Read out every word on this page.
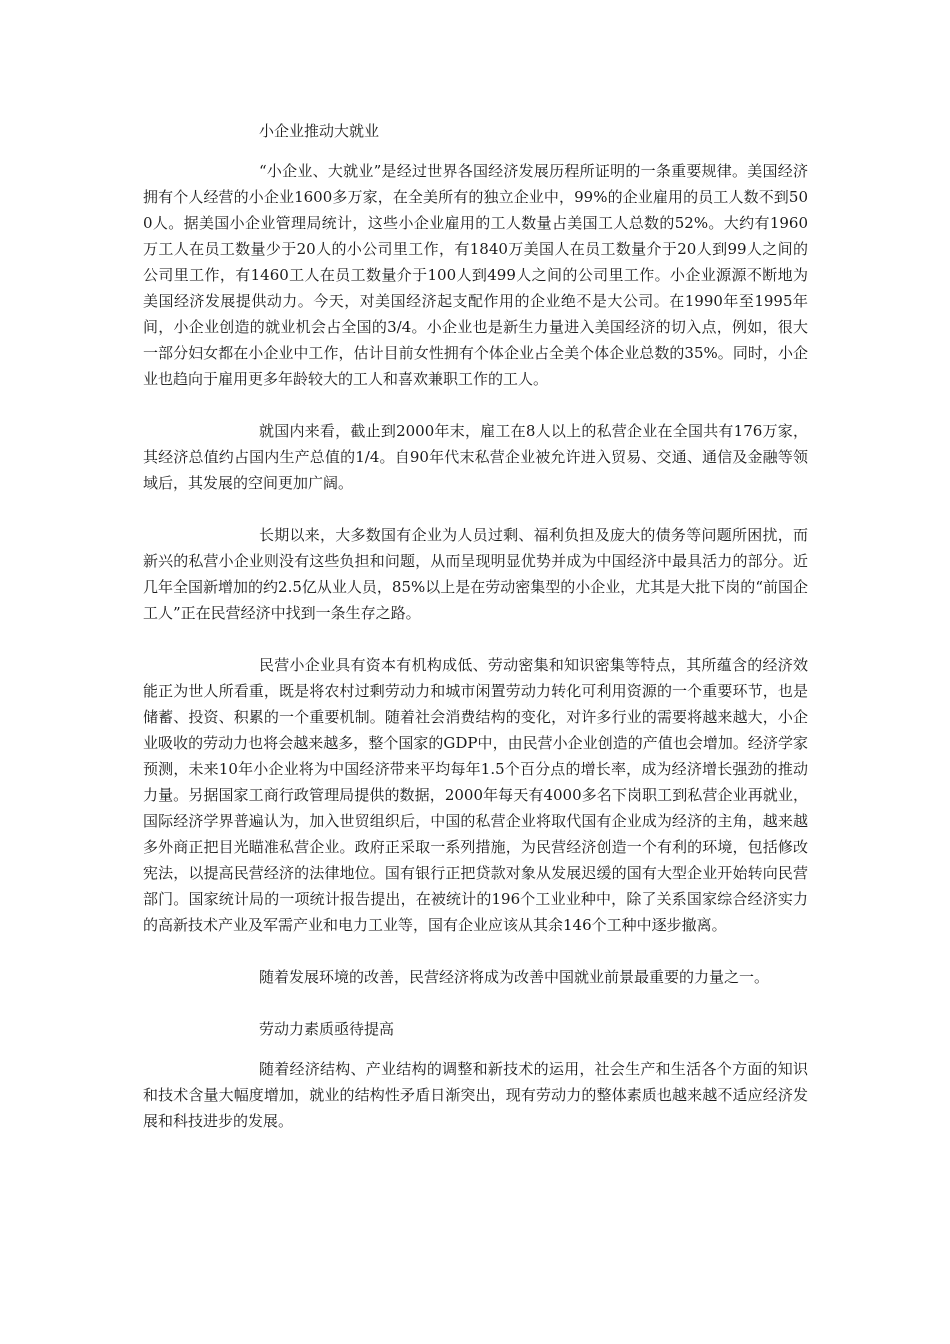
小企业推动大就业

“小企业、大就业”是经过世界各国经济发展历程所证明的一条重要规律。美国经济拥有个人经营的小企业1600多万家，在全美所有的独立企业中，99%的企业雇用的员工人数不到500人。据美国小企业管理局统计，这些小企业雇用的工人数量占美国工人总数的52%。大约有1960万工人在员工数量少于20人的小公司里工作，有1840万美国人在员工数量介于20人到99人之间的公司里工作，有1460工人在员工数量介于100人到499人之间的公司里工作。小企业源源不断地为美国经济发展提供动力。今天，对美国经济起支配作用的企业绝不是大公司。在1990年至1995年间，小企业创造的就业机会占全国的3/4。小企业也是新生力量进入美国经济的切入点，例如，很大一部分妇女都在小企业中工作，估计目前女性拥有个体企业占全美个体企业总数的35%。同时，小企业也趋向于雇用更多年龄较大的工人和喜欢兼职工作的工人。

就国内来看，截止到2000年末，雇工在8人以上的私营企业在全国共有176万家，其经济总值约占国内生产总值的1/4。自90年代末私营企业被允许进入贸易、交通、通信及金融等领域后，其发展的空间更加广阔。

长期以来，大多数国有企业为人员过剩、福利负担及庞大的债务等问题所困扰，而新兴的私营小企业则没有这些负担和问题，从而呈现明显优势并成为中国经济中最具活力的部分。近几年全国新增加的约2.5亿从业人员，85%以上是在劳动密集型的小企业，尤其是大批下岗的“前国企工人”正在民营经济中找到一条生存之路。

民营小企业具有资本有机构成低、劳动密集和知识密集等特点，其所蕴含的经济效能正为世人所看重，既是将农村过剩劳动力和城市闲置劳动力转化可利用资源的一个重要环节，也是储蓄、投资、积累的一个重要机制。随着社会消费结构的变化，对许多行业的需要将越来越大，小企业吸收的劳动力也将会越来越多，整个国家的GDP中，由民营小企业创造的产值也会增加。经济学家预测，未来10年小企业将为中国经济带来平均每年1.5个百分点的增长率，成为经济增长强劲的推动力量。另据国家工商行政管理局提供的数据，2000年每天有4000多名下岗职工到私营企业再就业，国际经济学界普遍认为，加入世贸组织后，中国的私营企业将取代国有企业成为经济的主角，越来越多外商正把目光瞄准私营企业。政府正采取一系列措施，为民营经济创造一个有利的环境，包括修改宪法，以提高民营经济的法律地位。国有银行正把贷款对象从发展迟缓的国有大型企业开始转向民营部门。国家统计局的一项统计报告提出，在被统计的196个工业业种中，除了关系国家综合经济实力的高新技术产业及军需产业和电力工业等，国有企业应该从其余146个工种中逐步撤离。

随着发展环境的改善，民营经济将成为改善中国就业前景最重要的力量之一。

劳动力素质亟待提高

随着经济结构、产业结构的调整和新技术的运用，社会生产和生活各个方面的知识和技术含量大幅度增加，就业的结构性矛盾日渐突出，现有劳动力的整体素质也越来越不适应经济发展和科技进步的发展。
